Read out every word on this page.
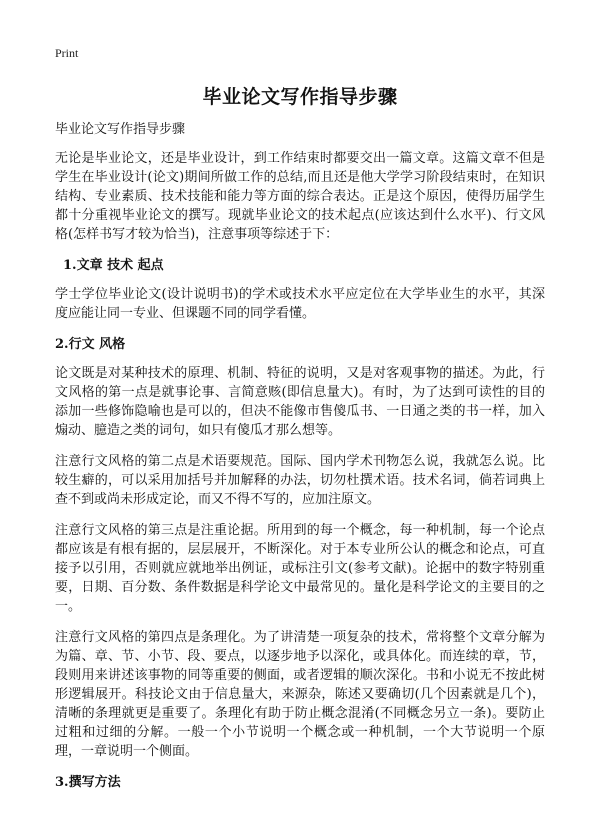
Print
毕业论文写作指导步骤
毕业论文写作指导步骤

无论是毕业论文，还是毕业设计，到工作结束时都要交出一篇文章。这篇文章不但是学生在毕业设计(论文)期间所做工作的总结,而且还是他大学学习阶段结束时，在知识结构、专业素质、技术技能和能力等方面的综合表达。正是这个原因，使得历届学生都十分重视毕业论文的撰写。现就毕业论文的技术起点(应该达到什么水平)、行文风格(怎样书写才较为恰当)，注意事项等综述于下：

1.文章 技术 起点

学士学位毕业论文(设计说明书)的学术或技术水平应定位在大学毕业生的水平，其深度应能让同一专业、但课题不同的同学看懂。

2.行文 风格

论文既是对某种技术的原理、机制、特征的说明，又是对客观事物的描述。为此，行文风格的第一点是就事论事、言简意赅(即信息量大)。有时，为了达到可读性的目的添加一些修饰隐喻也是可以的，但决不能像市售傻瓜书、一日通之类的书一样，加入煽动、臆造之类的词句，如只有傻瓜才那么想等。

注意行文风格的第二点是术语要规范。国际、国内学术刊物怎么说，我就怎么说。比较生癖的，可以采用加括号并加解释的办法，切勿杜撰术语。技术名词，倘若词典上查不到或尚未形成定论，而又不得不写的，应加注原文。

注意行文风格的第三点是注重论据。所用到的每一个概念，每一种机制，每一个论点都应该是有根有据的，层层展开，不断深化。对于本专业所公认的概念和论点，可直接予以引用，否则就应就地举出例证，或标注引文(参考文献)。论据中的数字特别重要，日期、百分数、条件数据是科学论文中最常见的。量化是科学论文的主要目的之一。

注意行文风格的第四点是条理化。为了讲清楚一项复杂的技术，常将整个文章分解为为篇、章、节、小节、段、要点，以逐步地予以深化，或具体化。而连续的章，节，段则用来讲述该事物的同等重要的侧面，或者逻辑的顺次深化。书和小说无不按此树形逻辑展开。科技论文由于信息量大，来源杂，陈述又要确切(几个因素就是几个)，清晰的条理就更是重要了。条理化有助于防止概念混淆(不同概念另立一条)。要防止过粗和过细的分解。一般一个小节说明一个概念或一种机制，一个大节说明一个原理，一章说明一个侧面。

3.撰写方法
